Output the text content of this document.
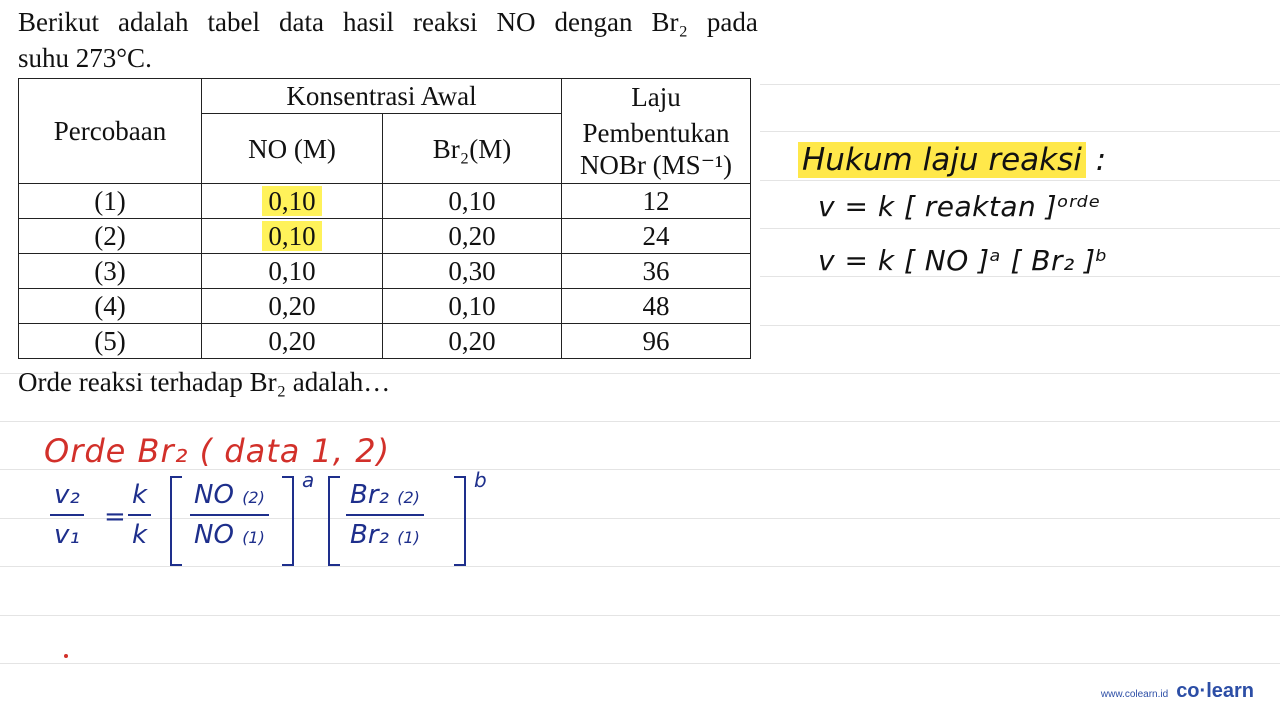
Berikut adalah tabel data hasil reaksi NO dengan Br₂ pada
suhu 273°C.
Percobaan	Konsentrasi Awal		Laju
Pembentukan
NOBr (MS⁻¹)

	NO (M)	Br₂(M)	
(1)	0,10	0,10	12
(2)	0,10	0,20	24
(3)	0,10	0,30	36
(4)	0,20	0,10	48
(5)	0,20	0,20	96
Orde reaksi terhadap Br₂ adalah…
Hukum laju reaksi :
v = k [ reaktan ]ᵒʳᵈᵉ
v = k [ NO ]ᵃ [ Br₂ ]ᵇ
Orde Br₂ ( data 1, 2)
v₂
v₁
=
k
k
NO (2)
NO (1)
a Br₂ (2)
Br₂ (1)
b
www.colearn.id co·learn
